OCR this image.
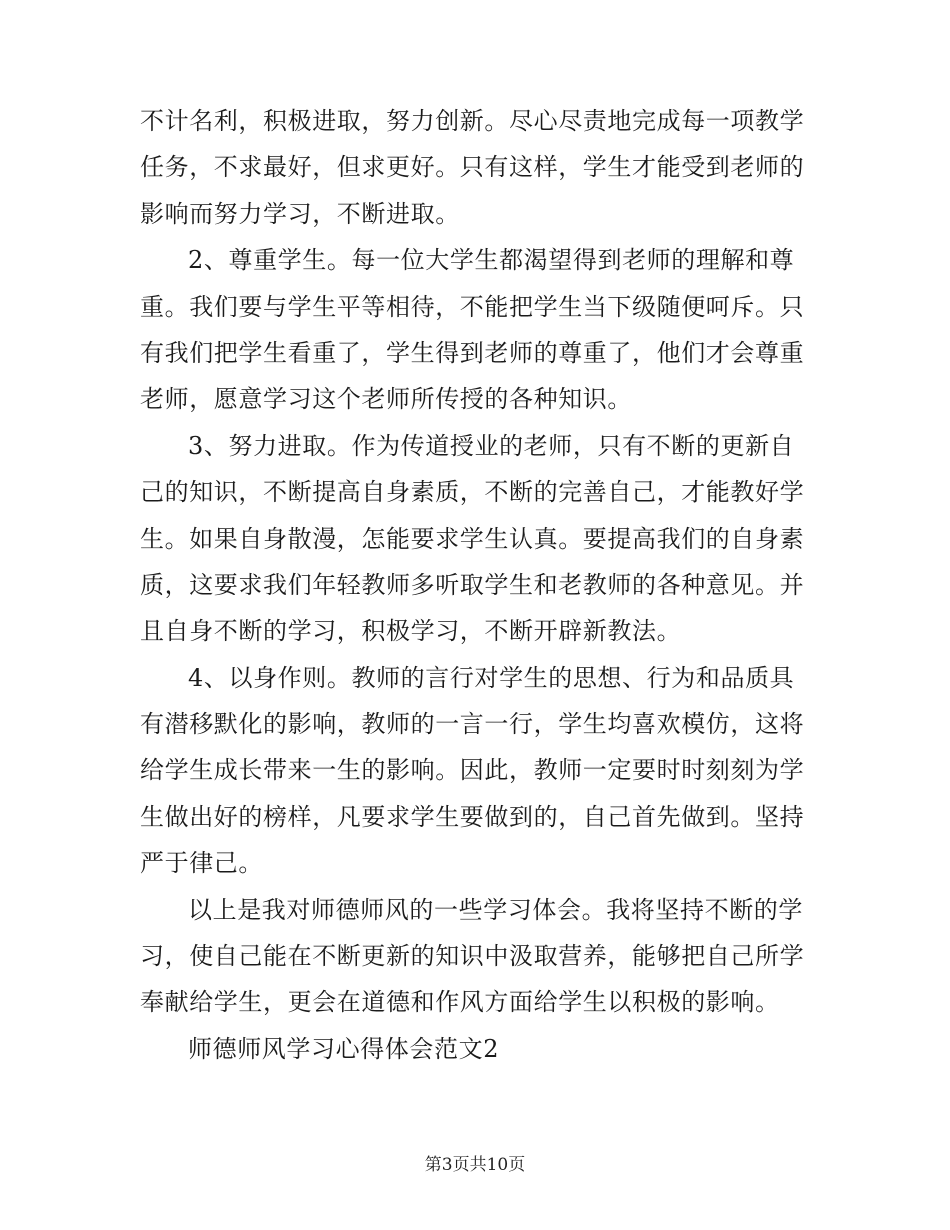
不计名利，积极进取，努力创新。尽心尽责地完成每一项教学
任务，不求最好，但求更好。只有这样，学生才能受到老师的
影响而努力学习，不断进取。
2、尊重学生。每一位大学生都渴望得到老师的理解和尊
重。我们要与学生平等相待，不能把学生当下级随便呵斥。只
有我们把学生看重了，学生得到老师的尊重了，他们才会尊重
老师，愿意学习这个老师所传授的各种知识。
3、努力进取。作为传道授业的老师，只有不断的更新自
己的知识，不断提高自身素质，不断的完善自己，才能教好学
生。如果自身散漫，怎能要求学生认真。要提高我们的自身素
质，这要求我们年轻教师多听取学生和老教师的各种意见。并
且自身不断的学习，积极学习，不断开辟新教法。
4、以身作则。教师的言行对学生的思想、行为和品质具
有潜移默化的影响，教师的一言一行，学生均喜欢模仿，这将
给学生成长带来一生的影响。因此，教师一定要时时刻刻为学
生做出好的榜样，凡要求学生要做到的，自己首先做到。坚持
严于律己。
以上是我对师德师风的一些学习体会。我将坚持不断的学
习，使自己能在不断更新的知识中汲取营养，能够把自己所学
奉献给学生，更会在道德和作风方面给学生以积极的影响。
师德师风学习心得体会范文2
第3页共10页
